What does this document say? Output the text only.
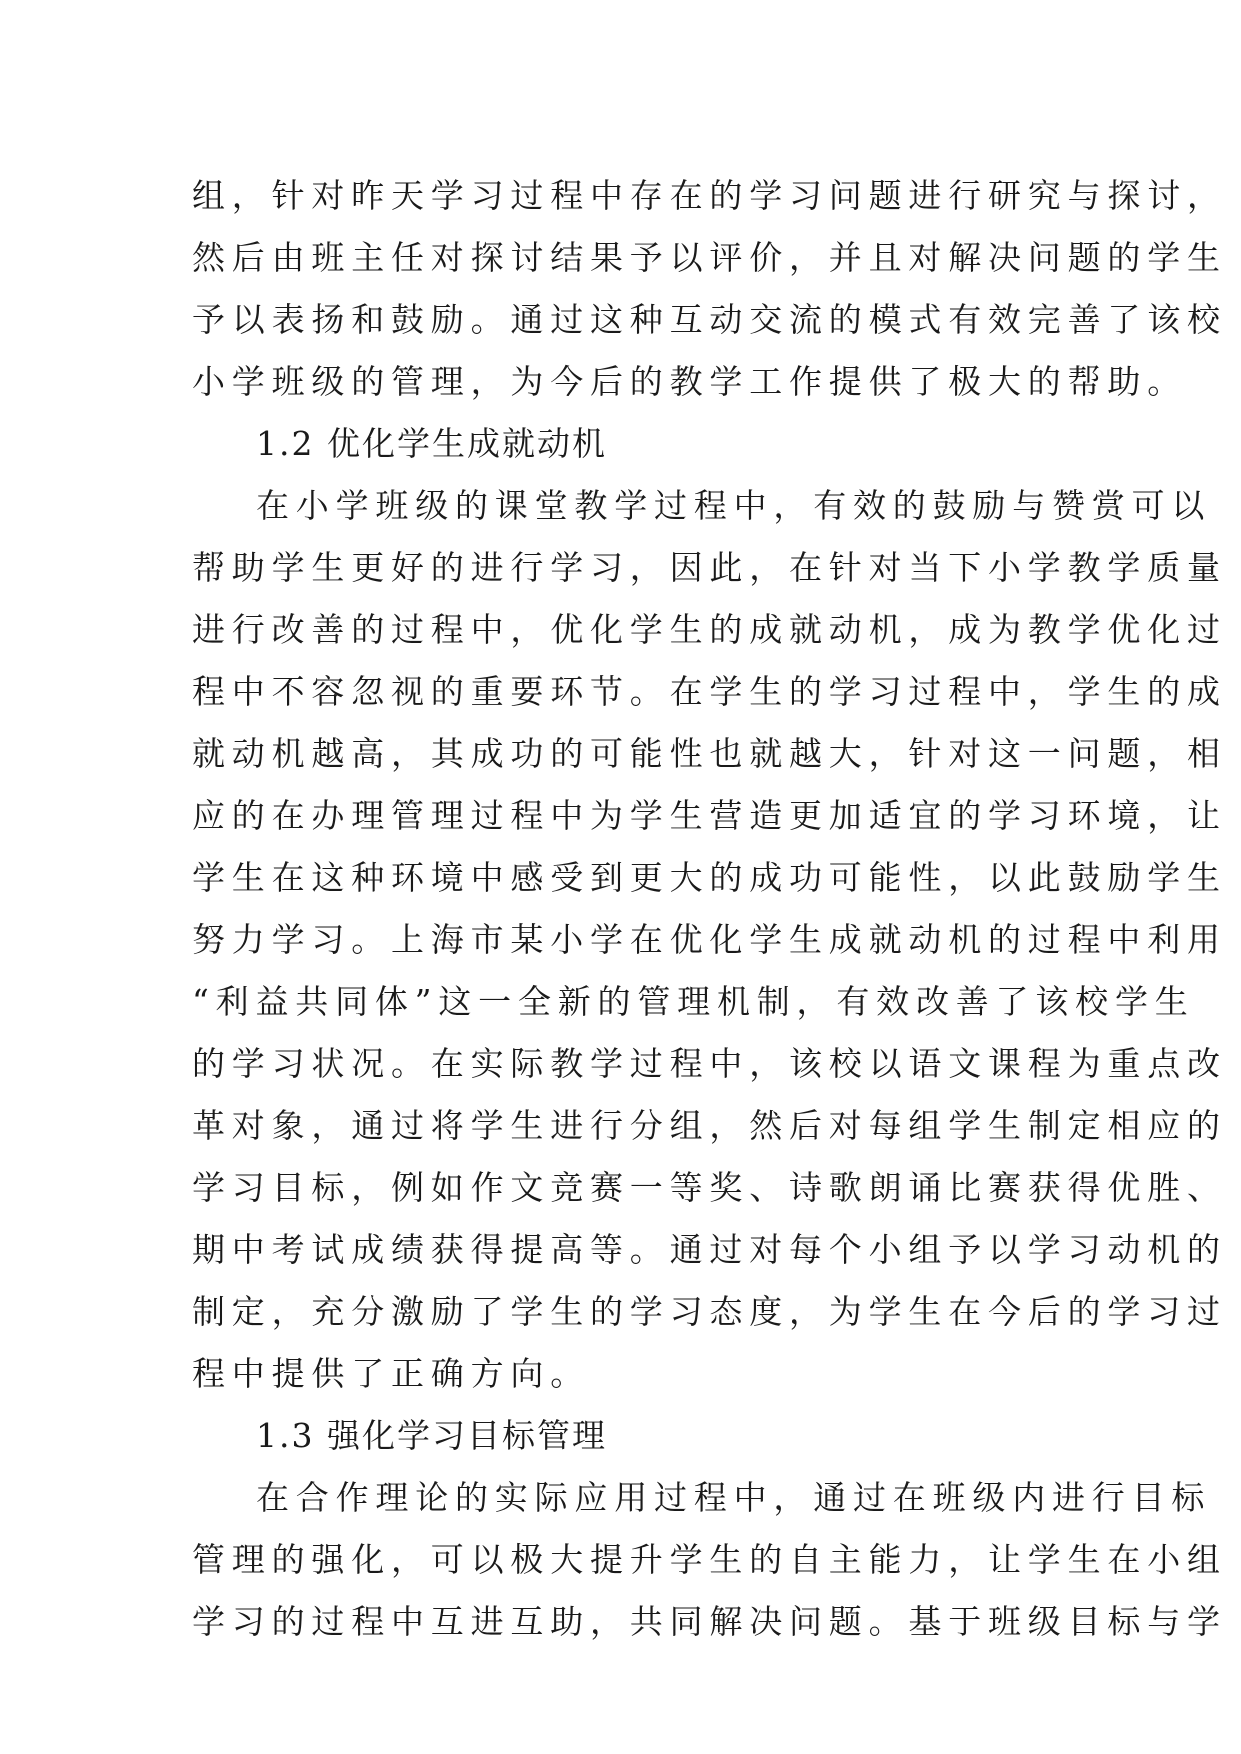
组，针对昨天学习过程中存在的学习问题进行研究与探讨，
然后由班主任对探讨结果予以评价，并且对解决问题的学生
予以表扬和鼓励。通过这种互动交流的模式有效完善了该校
小学班级的管理，为今后的教学工作提供了极大的帮助。
1.2 优化学生成就动机
在小学班级的课堂教学过程中，有效的鼓励与赞赏可以
帮助学生更好的进行学习，因此，在针对当下小学教学质量
进行改善的过程中，优化学生的成就动机，成为教学优化过
程中不容忽视的重要环节。在学生的学习过程中，学生的成
就动机越高，其成功的可能性也就越大，针对这一问题，相
应的在办理管理过程中为学生营造更加适宜的学习环境，让
学生在这种环境中感受到更大的成功可能性，以此鼓励学生
努力学习。上海市某小学在优化学生成就动机的过程中利用
“利益共同体”这一全新的管理机制，有效改善了该校学生
的学习状况。在实际教学过程中，该校以语文课程为重点改
革对象，通过将学生进行分组，然后对每组学生制定相应的
学习目标，例如作文竞赛一等奖、诗歌朗诵比赛获得优胜、
期中考试成绩获得提高等。通过对每个小组予以学习动机的
制定，充分激励了学生的学习态度，为学生在今后的学习过
程中提供了正确方向。
1.3 强化学习目标管理
在合作理论的实际应用过程中，通过在班级内进行目标
管理的强化，可以极大提升学生的自主能力，让学生在小组
学习的过程中互进互助，共同解决问题。基于班级目标与学
